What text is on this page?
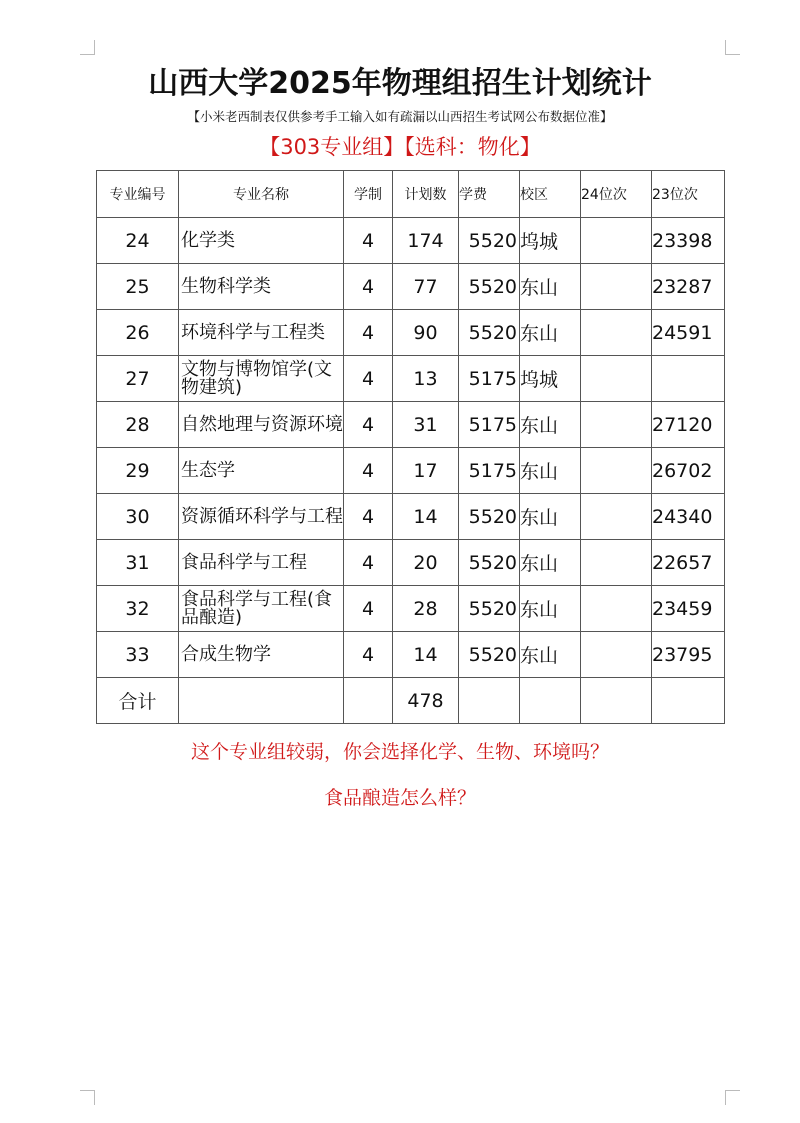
山西大学2025年物理组招生计划统计
【小米老西制表仅供参考手工输入如有疏漏以山西招生考试网公布数据位准】
【303专业组】【选科：物化】
专业编号	专业名称	学制	计划数	学费	校区	24位次	23位次
24	化学类	4	174	5520	坞城		23398
25	生物科学类	4	77	5520	东山		23287
26	环境科学与工程类	4	90	5520	东山		24591
27	文物与博物馆学(文物建筑)	4	13	5175	坞城		
28	自然地理与资源环境	4	31	5175	东山		27120
29	生态学	4	17	5175	东山		26702
30	资源循环科学与工程	4	14	5520	东山		24340
31	食品科学与工程	4	20	5520	东山		22657
32	食品科学与工程(食品酿造)	4	28	5520	东山		23459
33	合成生物学	4	14	5520	东山		23795
合计			478				
这个专业组较弱，你会选择化学、生物、环境吗？
食品酿造怎么样？
